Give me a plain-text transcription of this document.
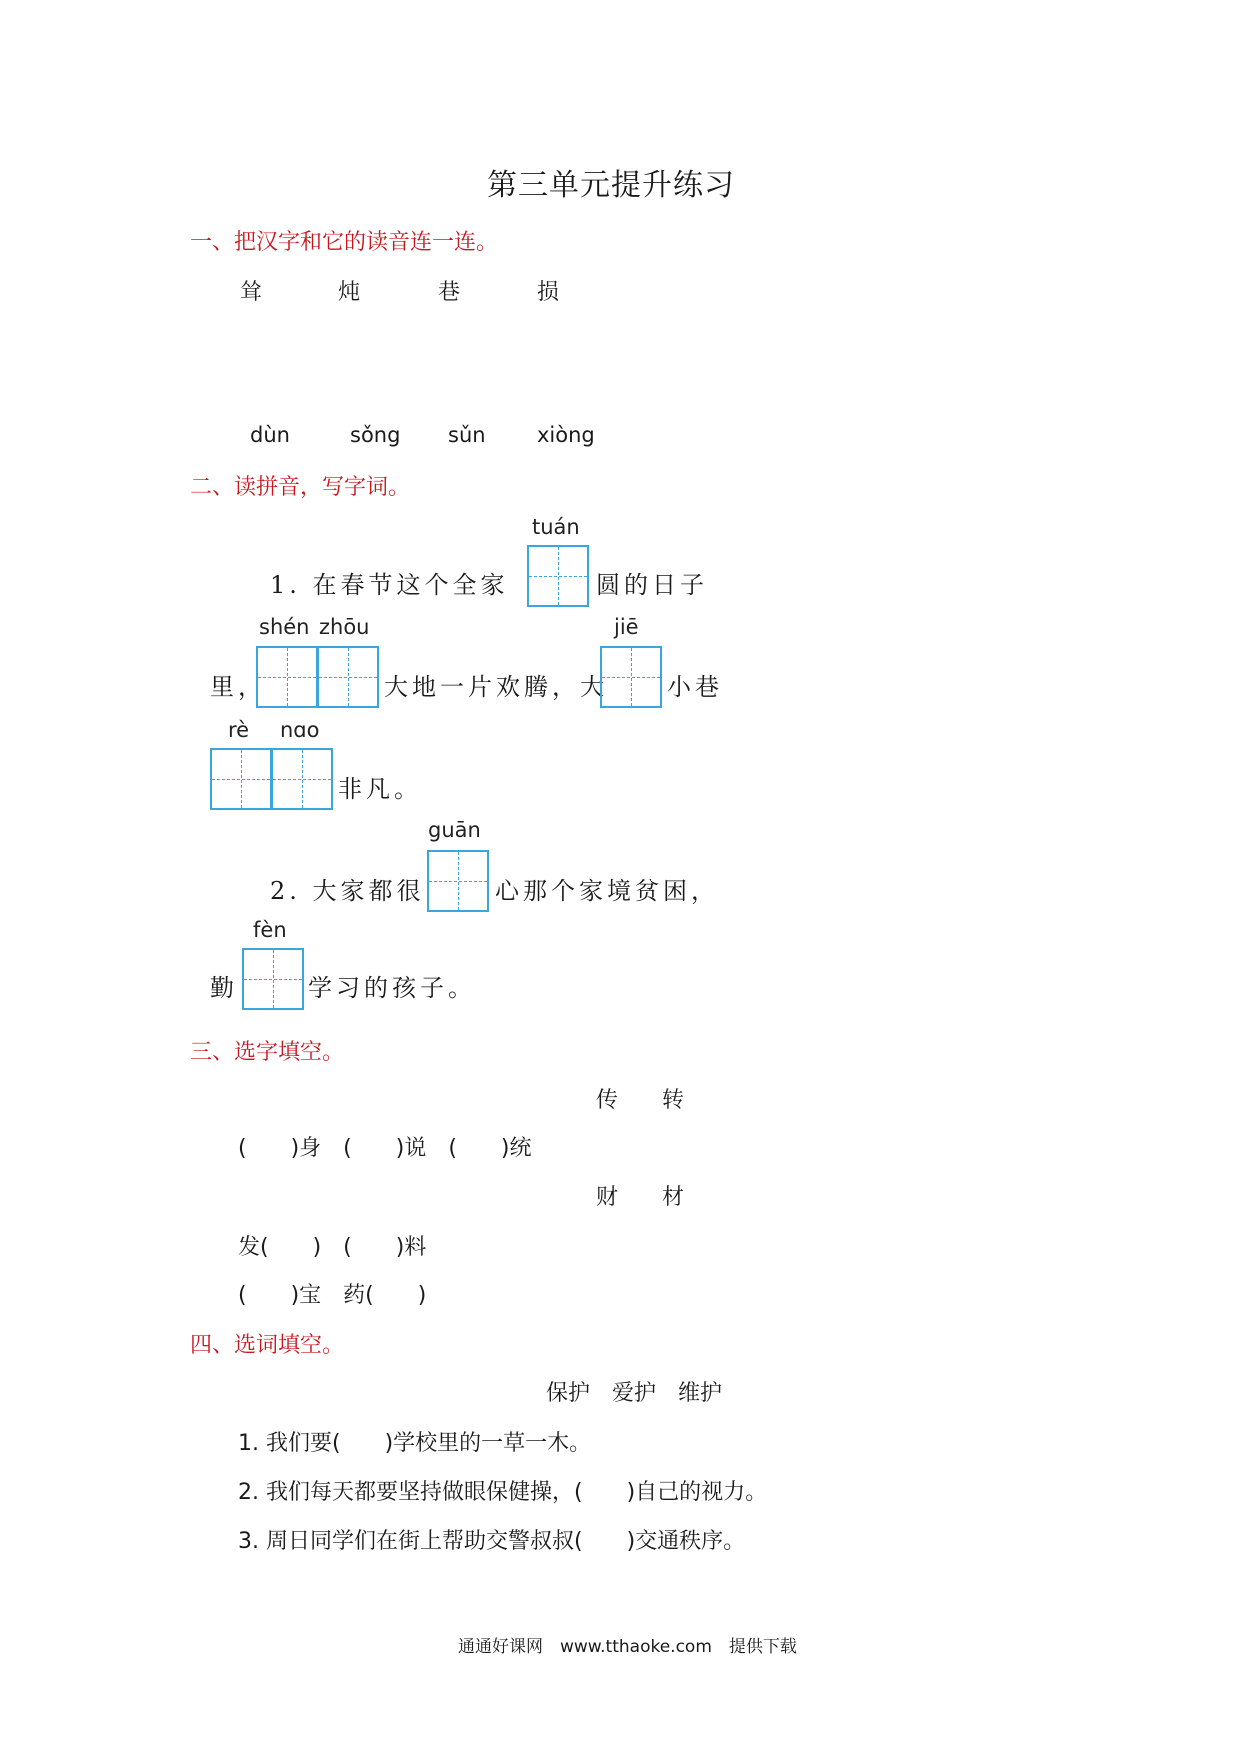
第三单元提升练习
一、把汉字和它的读音连一连。
耸	炖	巷	损
dùn	sǒng sǔn xiòng
二、读拼音，写字词。
tuán
1. 在春节这个全家	圆的日子
shén zhōu	jiē
里，	大地一片欢腾，大 小巷
rè nɑo
非凡。
guān
2. 大家都很	心那个家境贫困，
fèn
勤	学习的孩子。
三、选字填空。
传　　转
(　　)身　(　　)说　(　　)统
财　　材
发(　　)　(　　)料
(　　)宝　药(　　)
四、选词填空。
保护　爱护　维护
1. 我们要(　　)学校里的一草一木。
2. 我们每天都要坚持做眼保健操，(　　)自己的视力。
3. 周日同学们在街上帮助交警叔叔(　　)交通秩序。
通通好课网　www.tthaoke.com　提供下载
